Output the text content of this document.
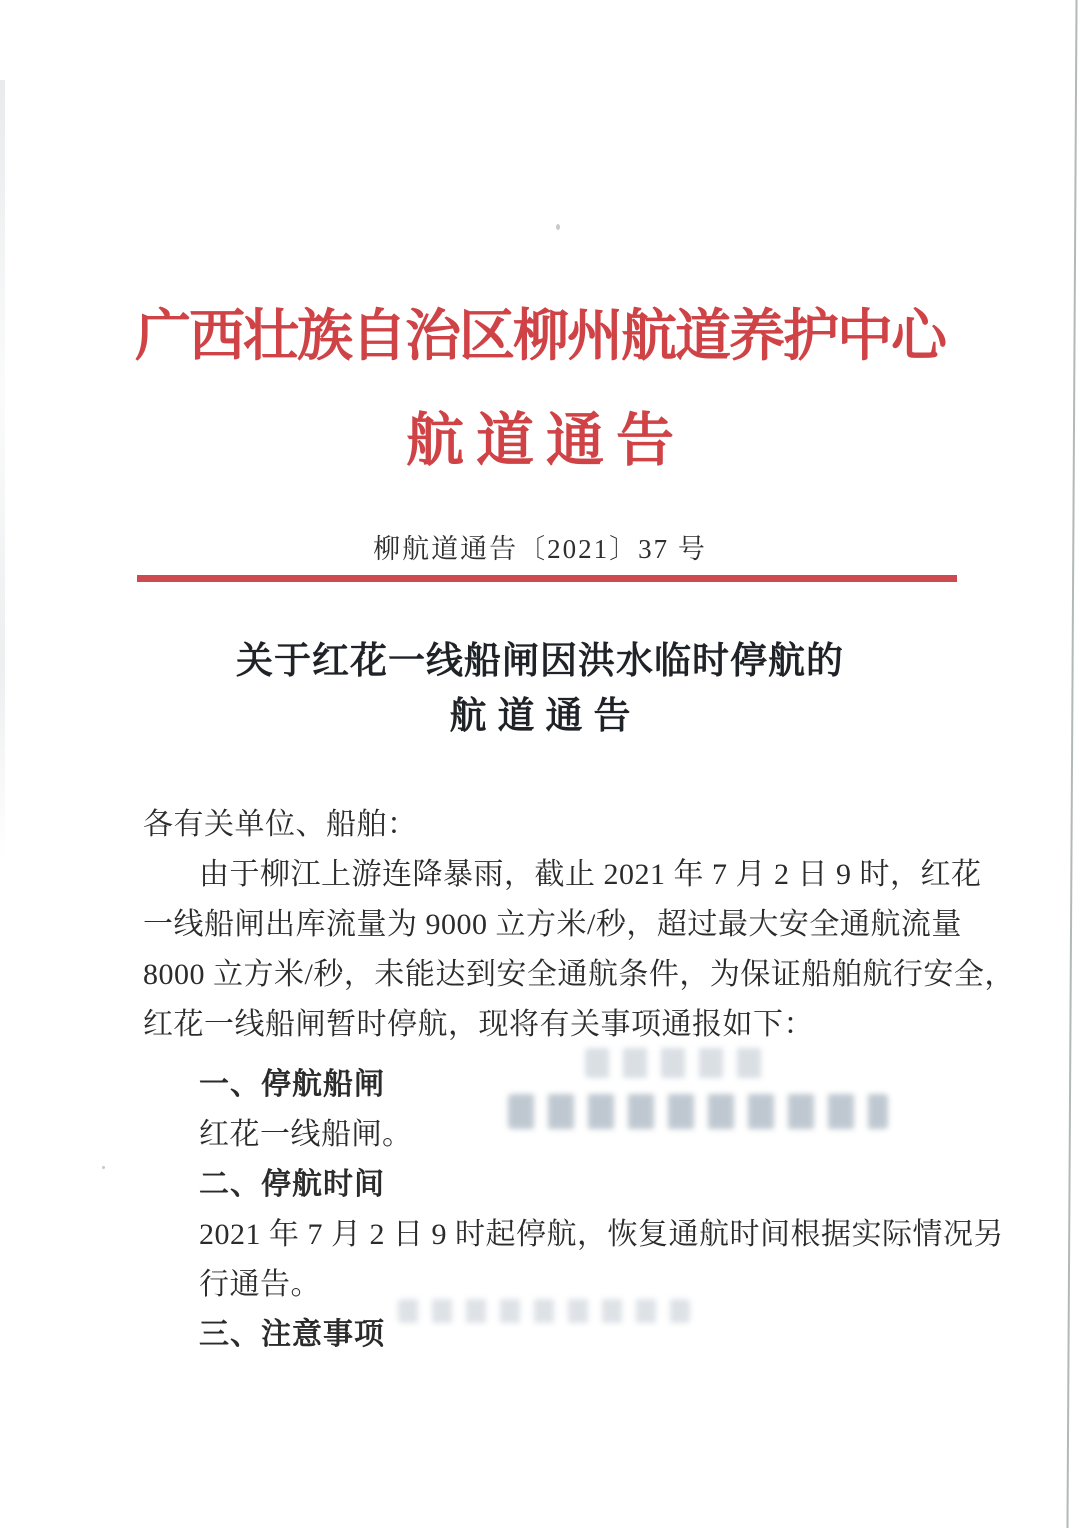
广西壮族自治区柳州航道养护中心
航道通告
柳航道通告〔2021〕37 号
关于红花一线船闸因洪水临时停航的
航道通告
各有关单位、船舶：
由于柳江上游连降暴雨，截止 2021 年 7 月 2 日 9 时，红花
一线船闸出库流量为 9000 立方米/秒，超过最大安全通航流量
8000 立方米/秒，未能达到安全通航条件，为保证船舶航行安全，
红花一线船闸暂时停航，现将有关事项通报如下：
一、停航船闸
红花一线船闸。
二、停航时间
2021 年 7 月 2 日 9 时起停航，恢复通航时间根据实际情况另
行通告。
三、注意事项
